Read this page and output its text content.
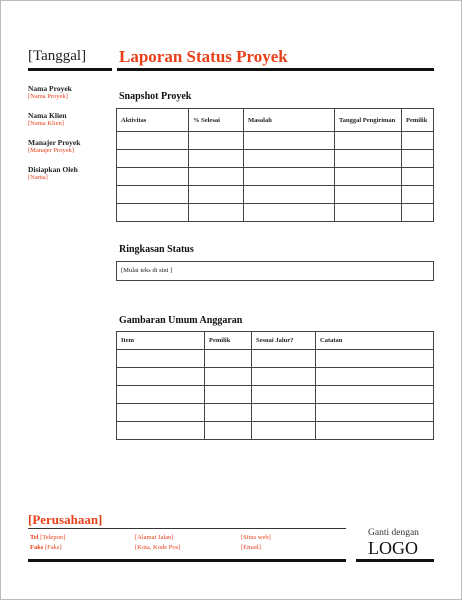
[Tanggal] Laporan Status Proyek
Nama Proyek
[Nama Proyek]
Nama Klien
[Nama Klien]
Manajer Proyek
[Manajer Proyek]
Disiapkan Oleh
[Nama]
Snapshot Proyek
Aktivitas	% Selesai	Masalah	Tanggal Pengiriman	Pemilik

Ringkasan Status
[Mulai teks di sini ]
Gambaran Umum Anggaran
Item	Pemilik	Sesuai Jalur?	Catatan

[Perusahaan]
Tel [Telepon]
Faks [Faks]
[Alamat Jalan]
[Kota, Kode Pos]
[Situs web]
[Email]
Ganti dengan
LOGO
